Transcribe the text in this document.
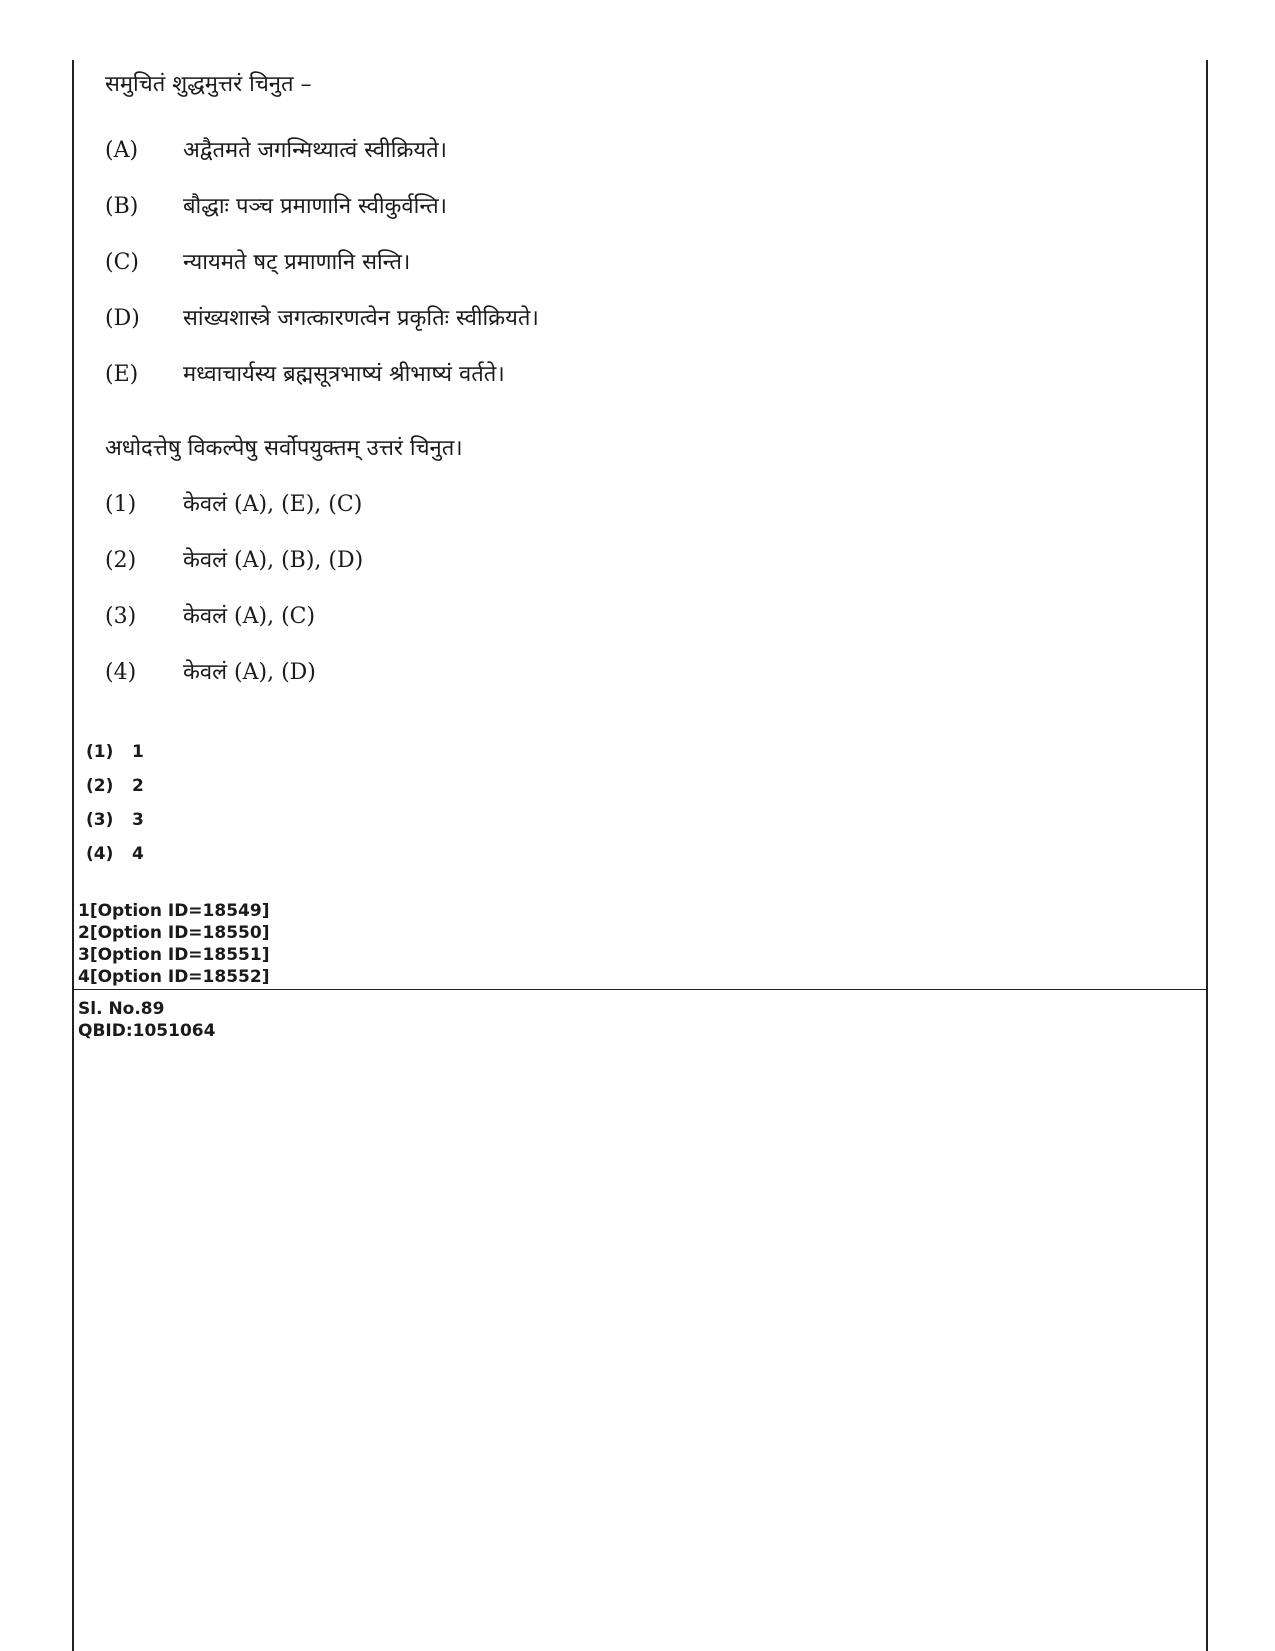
समुचितं शुद्धमुत्तरं चिनुत –
(A) अद्वैतमते जगन्मिथ्यात्वं स्वीक्रियते।
(B) बौद्धाः पञ्च प्रमाणानि स्वीकुर्वन्ति।
(C) न्यायमते षट् प्रमाणानि सन्ति।
(D) सांख्यशास्त्रे जगत्कारणत्वेन प्रकृतिः स्वीक्रियते।
(E) मध्वाचार्यस्य ब्रह्मसूत्रभाष्यं श्रीभाष्यं वर्तते।
अधोदत्तेषु विकल्पेषु सर्वोपयुक्तम् उत्तरं चिनुत।
(1) केवलं (A), (E), (C)
(2) केवलं (A), (B), (D)
(3) केवलं (A), (C)
(4) केवलं (A), (D)
(1) 1
(2) 2
(3) 3
(4) 4
1[Option ID=18549]
2[Option ID=18550]
3[Option ID=18551]
4[Option ID=18552]
Sl. No.89
QBID:1051064
